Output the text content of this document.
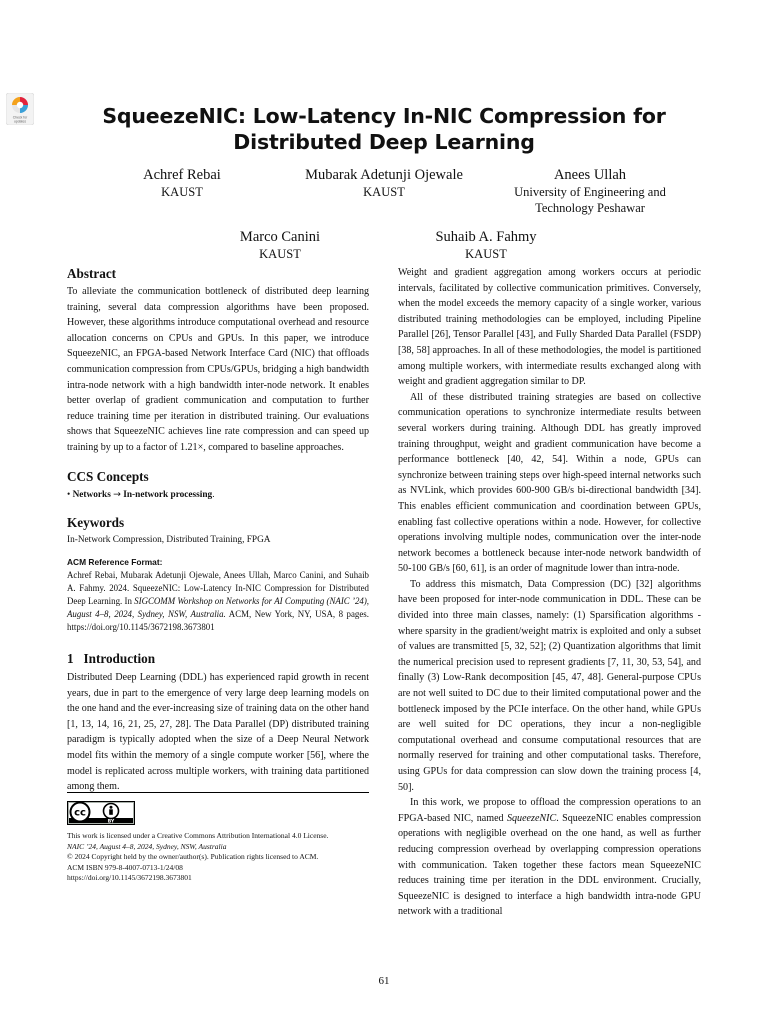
Check for
updates	SqueezeNIC: Low-Latency In-NIC Compression for
Distributed Deep Learning
Achref Rebai
KAUST
Mubarak Adetunji Ojewale
KAUST
Anees Ullah
University of Engineering and
Technology Peshawar
Marco Canini
KAUST
Suhaib A. Fahmy
KAUST
Abstract
To alleviate the communication bottleneck of distributed deep learning training, several data compression algorithms have been proposed. However, these algorithms introduce computational overhead and resource allocation concerns on CPUs and GPUs. In this paper, we introduce SqueezeNIC, an FPGA-based Network Interface Card (NIC) that offloads communication compression from CPUs/GPUs, bridging a high bandwidth intra-node network with a high bandwidth inter-node network. It enables better overlap of gradient communication and computation to further reduce training time per iteration in distributed training. Our evaluations shows that SqueezeNIC achieves line rate compression and can speed up training by up to a factor of 1.21×, compared to baseline approaches.
CCS Concepts
• Networks → In-network processing.
Keywords
In-Network Compression, Distributed Training, FPGA
ACM Reference Format:
Achref Rebai, Mubarak Adetunji Ojewale, Anees Ullah, Marco Canini, and Suhaib A. Fahmy. 2024. SqueezeNIC: Low-Latency In-NIC Compression for Distributed Deep Learning. In SIGCOMM Workshop on Networks for AI Computing (NAIC ’24), August 4–8, 2024, Sydney, NSW, Australia. ACM, New York, NY, USA, 8 pages. https://doi.org/10.1145/3672198.3673801
1 Introduction
Distributed Deep Learning (DDL) has experienced rapid growth in recent years, due in part to the emergence of very large deep learning models on the one hand and the ever-increasing size of training data on the other hand [1, 13, 14, 16, 21, 25, 27, 28]. The Data Parallel (DP) distributed training paradigm is typically adopted when the size of a Deep Neural Network model fits within the memory of a single compute worker [56], where the model is replicated across multiple workers, with training data partitioned among them.
cc
BY
This work is licensed under a Creative Commons Attribution International 4.0 License.
NAIC ’24, August 4–8, 2024, Sydney, NSW, Australia
© 2024 Copyright held by the owner/author(s). Publication rights licensed to ACM.
ACM ISBN 979-8-4007-0713-1/24/08
https://doi.org/10.1145/3672198.3673801

Weight and gradient aggregation among workers occurs at periodic intervals, facilitated by collective communication primitives. Conversely, when the model exceeds the memory capacity of a single worker, various distributed training methodologies can be employed, including Pipeline Parallel [26], Tensor Parallel [43], and Fully Sharded Data Parallel (FSDP) [38, 58] approaches. In all of these methodologies, the model is partitioned among multiple workers, with intermediate results exchanged along with weight and gradient aggregation similar to DP.

All of these distributed training strategies are based on collective communication operations to synchronize intermediate results between several workers during training. Although DDL has greatly improved training throughput, weight and gradient communication have become a performance bottleneck [40, 42, 54]. Within a node, GPUs can synchronize between training steps over high-speed internal networks such as NVLink, which provides 600-900 GB/s bi-directional bandwidth [34]. This enables efficient communication and coordination between GPUs, enabling fast collective operations within a node. However, for collective operations involving multiple nodes, communication over the inter-node network becomes a bottleneck because inter-node network bandwidth of 50-100 GB/s [60, 61], is an order of magnitude lower than intra-node.

To address this mismatch, Data Compression (DC) [32] algorithms have been proposed for inter-node communication in DDL. These can be divided into three main classes, namely: (1) Sparsification algorithms - where sparsity in the gradient/weight matrix is exploited and only a subset of values are transmitted [5, 32, 52]; (2) Quantization algorithms that limit the numerical precision used to represent gradients [7, 11, 30, 53, 54], and finally (3) Low-Rank decomposition [45, 47, 48]. General-purpose CPUs are not well suited to DC due to their limited computational power and the bottleneck imposed by the PCIe interface. On the other hand, while GPUs are well suited for DC operations, they incur a non-negligible computational overhead and consume computational resources that are normally reserved for training and other computational tasks. Therefore, using GPUs for data compression can slow down the training process [4, 50].

In this work, we propose to offload the compression operations to an FPGA-based NIC, named SqueezeNIC. SqueezeNIC enables compression operations with negligible overhead on the one hand, as well as further reducing compression overhead by overlapping compression operations with communication. Taken together these factors mean SqueezeNIC reduces training time per iteration in the DDL environment. Crucially, SqueezeNIC is designed to interface a high bandwidth intra-node GPU network with a traditional

61
